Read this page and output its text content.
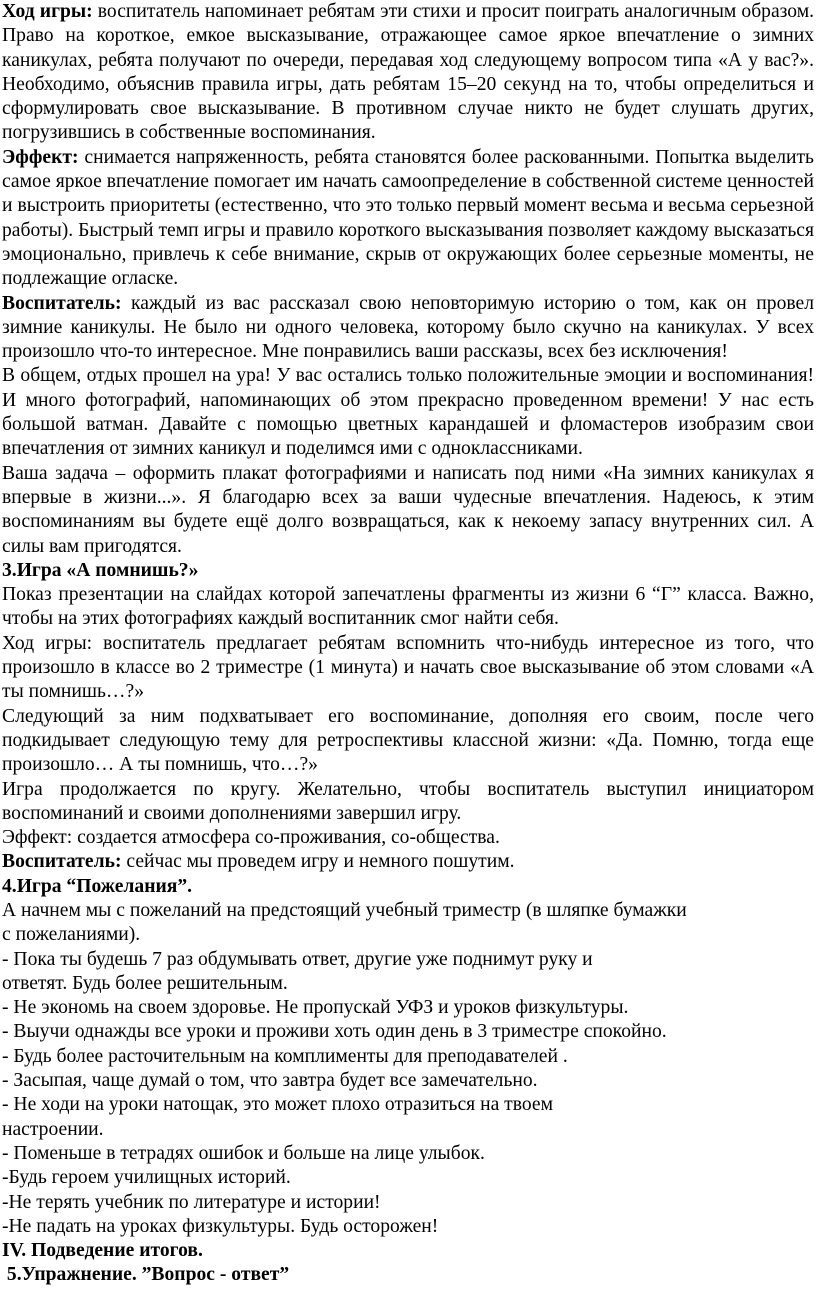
Ход игры: воспитатель напоминает ребятам эти стихи и просит поиграть аналогичным образом. Право на короткое, емкое высказывание, отражающее самое яркое впечатление о зимних каникулах, ребята получают по очереди, передавая ход следующему вопросом типа «А у вас?». Необходимо, объяснив правила игры, дать ребятам 15–20 секунд на то, чтобы определиться и сформулировать свое высказывание. В противном случае никто не будет слушать других, погрузившись в собственные воспоминания.

Эффект: снимается напряженность, ребята становятся более раскованными. Попытка выделить самое яркое впечатление помогает им начать самоопределение в собственной системе ценностей и выстроить приоритеты (естественно, что это только первый момент весьма и весьма серьезной работы). Быстрый темп игры и правило короткого высказывания позволяет каждому высказаться эмоционально, привлечь к себе внимание, скрыв от окружающих более серьезные моменты, не подлежащие огласке.

Воспитатель: каждый из вас рассказал свою неповторимую историю о том, как он провел зимние каникулы. Не было ни одного человека, которому было скучно на каникулах. У всех произошло что-то интересное. Мне понравились ваши рассказы, всех без исключения!

В общем, отдых прошел на ура! У вас остались только положительные эмоции и воспоминания! И много фотографий, напоминающих об этом прекрасно проведенном времени! У нас есть большой ватман. Давайте с помощью цветных карандашей и фломастеров изобразим свои впечатления от зимних каникул и поделимся ими с одноклассниками.

Ваша задача – оформить плакат фотографиями и написать под ними «На зимних каникулах я впервые в жизни...». Я благодарю всех за ваши чудесные впечатления. Надеюсь, к этим воспоминаниям вы будете ещё долго возвращаться, как к некоему запасу внутренних сил. А силы вам пригодятся.

3.Игра «А помнишь?»

Показ презентации на слайдах которой запечатлены фрагменты из жизни 6 “Г” класса. Важно, чтобы на этих фотографиях каждый воспитанник смог найти себя.

Ход игры: воспитатель предлагает ребятам вспомнить что-нибудь интересное из того, что произошло в классе во 2 триместре (1 минута) и начать свое высказывание об этом словами «А ты помнишь…?»

Следующий за ним подхватывает его воспоминание, дополняя его своим, после чего подкидывает следующую тему для ретроспективы классной жизни: «Да. Помню, тогда еще произошло… А ты помнишь, что…?»

Игра продолжается по кругу. Желательно, чтобы воспитатель выступил инициатором воспоминаний и своими дополнениями завершил игру.

Эффект: создается атмосфера со-проживания, со-общества.

Воспитатель: сейчас мы проведем игру и немного пошутим.

4.Игра “Пожелания”.

А начнем мы с пожеланий на предстоящий учебный триместр (в шляпке бумажки

с пожеланиями).

- Пока ты будешь 7 раз обдумывать ответ, другие уже поднимут руку и

ответят. Будь более решительным.

- Не экономь на своем здоровье. Не пропускай УФЗ и уроков физкультуры.

- Выучи однажды все уроки и проживи хоть один день в 3 триместре спокойно.

- Будь более расточительным на комплименты для преподавателей .

- Засыпая, чаще думай о том, что завтра будет все замечательно.

- Не ходи на уроки натощак, это может плохо отразиться на твоем

настроении.

- Поменьше в тетрадях ошибок и больше на лице улыбок.

-Будь героем училищных историй.

-Не терять учебник по литературе и истории!

-Не падать на уроках физкультуры. Будь осторожен!

IV. Подведение итогов.

5.Упражнение. ”Вопрос - ответ”
